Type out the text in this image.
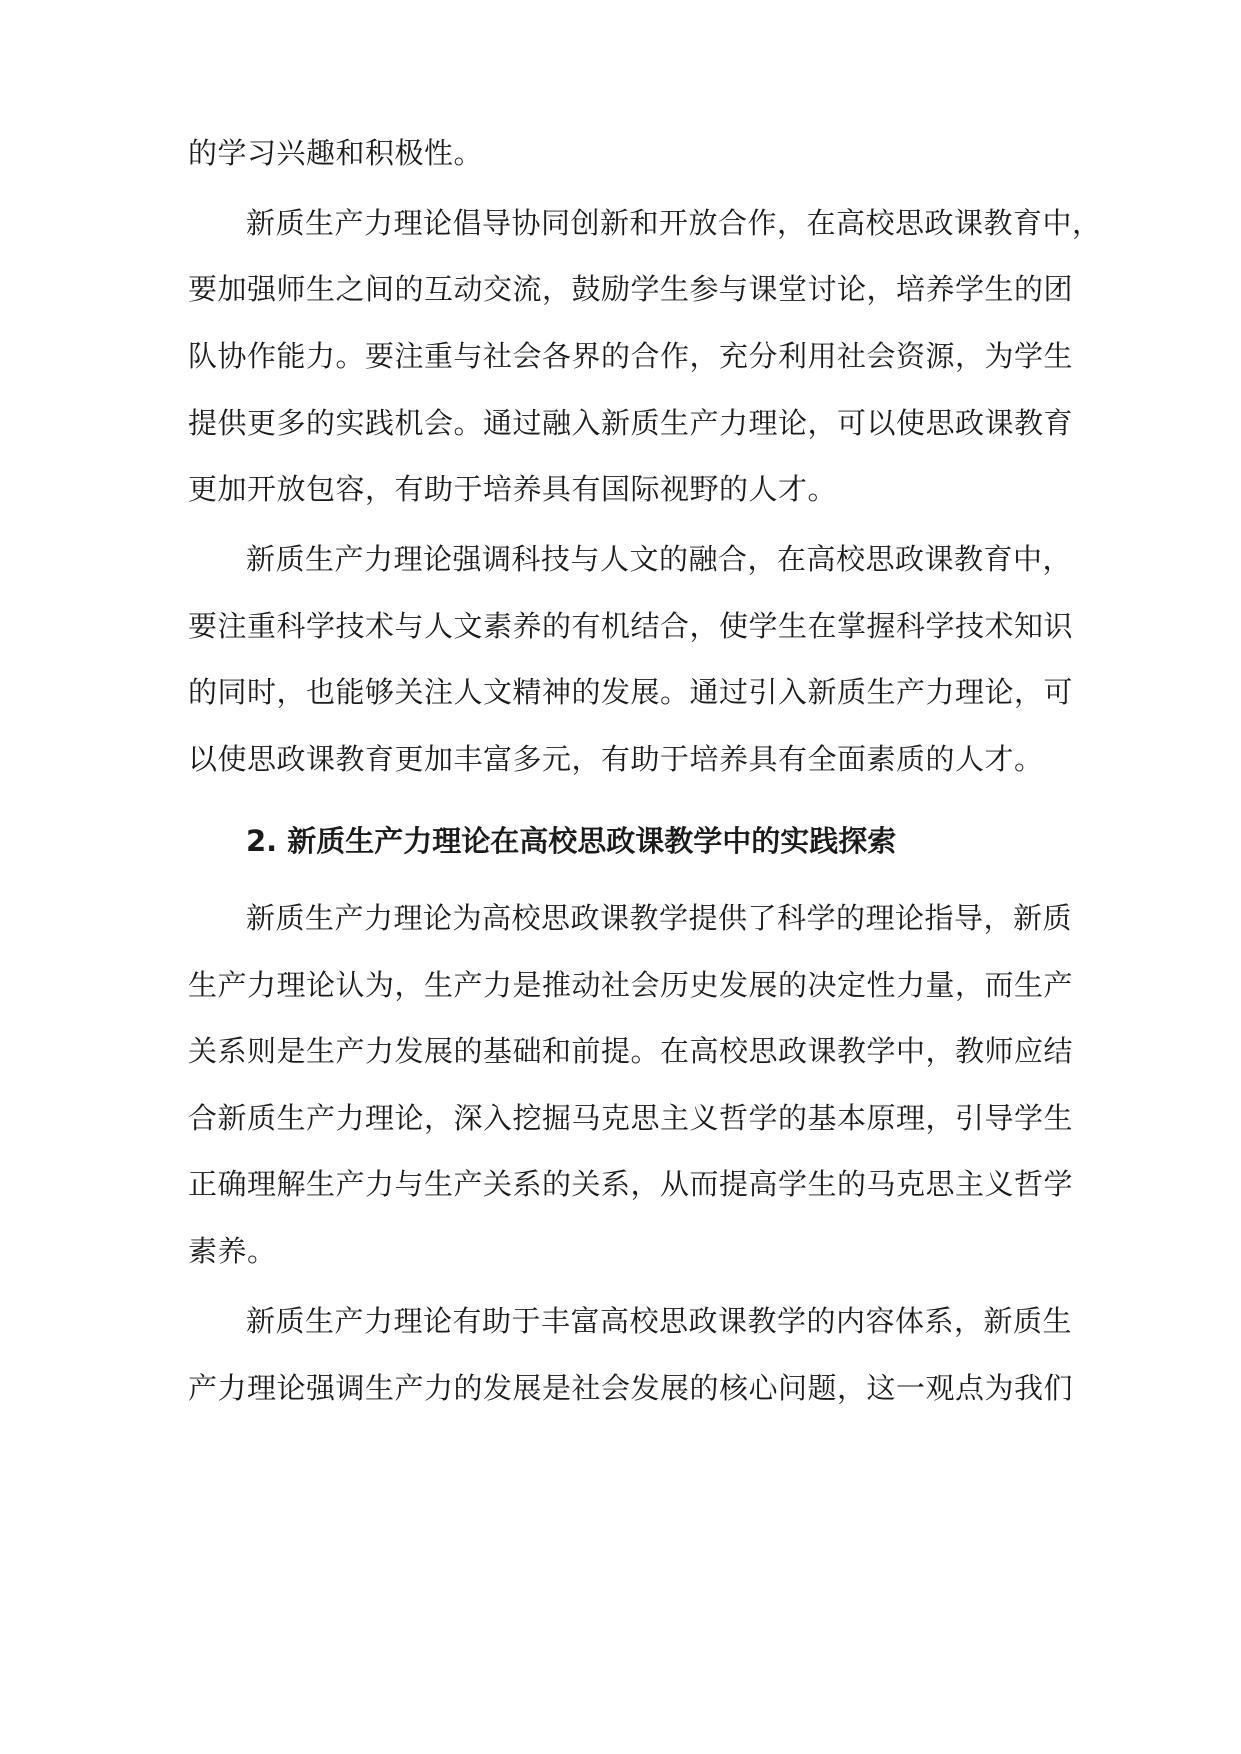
的学习兴趣和积极性。
新质生产力理论倡导协同创新和开放合作，在高校思政课教育中，
要加强师生之间的互动交流，鼓励学生参与课堂讨论，培养学生的团
队协作能力。要注重与社会各界的合作，充分利用社会资源，为学生
提供更多的实践机会。通过融入新质生产力理论，可以使思政课教育
更加开放包容，有助于培养具有国际视野的人才。
新质生产力理论强调科技与人文的融合，在高校思政课教育中，
要注重科学技术与人文素养的有机结合，使学生在掌握科学技术知识
的同时，也能够关注人文精神的发展。通过引入新质生产力理论，可
以使思政课教育更加丰富多元，有助于培养具有全面素质的人才。
2. 新质生产力理论在高校思政课教学中的实践探索
新质生产力理论为高校思政课教学提供了科学的理论指导，新质
生产力理论认为，生产力是推动社会历史发展的决定性力量，而生产
关系则是生产力发展的基础和前提。在高校思政课教学中，教师应结
合新质生产力理论，深入挖掘马克思主义哲学的基本原理，引导学生
正确理解生产力与生产关系的关系，从而提高学生的马克思主义哲学
素养。
新质生产力理论有助于丰富高校思政课教学的内容体系，新质生
产力理论强调生产力的发展是社会发展的核心问题，这一观点为我们
